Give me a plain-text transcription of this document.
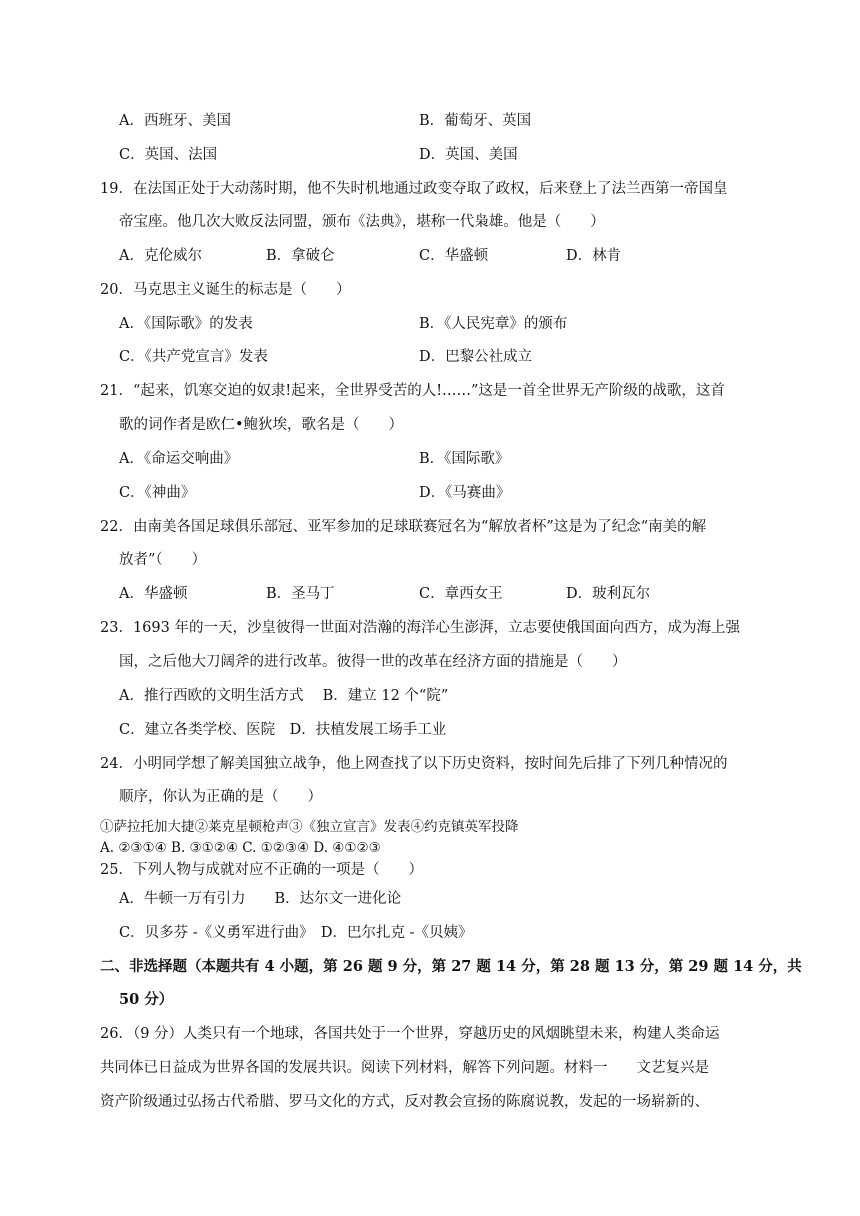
A．西班牙、美国	B．葡萄牙、英国
C．英国、法国	D．英国、美国
19．在法国正处于大动荡时期，他不失时机地通过政变夺取了政权，后来登上了法兰西第一帝国皇
帝宝座。他几次大败反法同盟，颁布《法典》，堪称一代枭雄。他是（　　）
A．克伦威尔	B．拿破仑	C．华盛顿	D．林肯
20．马克思主义诞生的标志是（　　）
A．《国际歌》的发表	B．《人民宪章》的颁布
C．《共产党宣言》发表	D．巴黎公社成立
21．“起来，饥寒交迫的奴隶!起来，全世界受苦的人!……”这是一首全世界无产阶级的战歌，这首
歌的词作者是欧仁•鲍狄埃，歌名是（　　）
A．《命运交响曲》	B．《国际歌》
C．《神曲》	D．《马赛曲》
22．由南美各国足球俱乐部冠、亚军参加的足球联赛冠名为“解放者杯”这是为了纪念“南美的解
放者”（　　）
A．华盛顿	B．圣马丁	C．章西女王	D．玻利瓦尔
23．1693 年的一天，沙皇彼得一世面对浩瀚的海洋心生澎湃，立志要使俄国面向西方，成为海上强
国，之后他大刀阔斧的进行改革。彼得一世的改革在经济方面的措施是（　　）
A．推行西欧的文明生活方式　 B．建立 12 个“院”
C．建立各类学校、医院　D．扶植发展工场手工业
24．小明同学想了解美国独立战争，他上网查找了以下历史资料，按时间先后排了下列几种情况的
顺序，你认为正确的是（　　）
①萨拉托加大捷②莱克星顿枪声③《独立宣言》发表④约克镇英军投降
A. ②③①④ B. ③①②④ C. ①②③④ D. ④①②③
25．下列人物与成就对应不正确的一项是（　　）
A．牛顿一万有引力　　B．达尔文一进化论
C．贝多芬 -《义勇军进行曲》　D．巴尔扎克 -《贝姨》
二、非选择题（本题共有 4 小题，第 26 题 9 分，第 27 题 14 分，第 28 题 13 分，第 29 题 14 分，共
50 分）
26．（9 分）人类只有一个地球，各国共处于一个世界，穿越历史的风烟眺望未来，构建人类命运
共同体已日益成为世界各国的发展共识。阅读下列材料，解答下列问题。材料一　　文艺复兴是
资产阶级通过弘扬古代希腊、罗马文化的方式，反对教会宣扬的陈腐说教，发起的一场崭新的、
